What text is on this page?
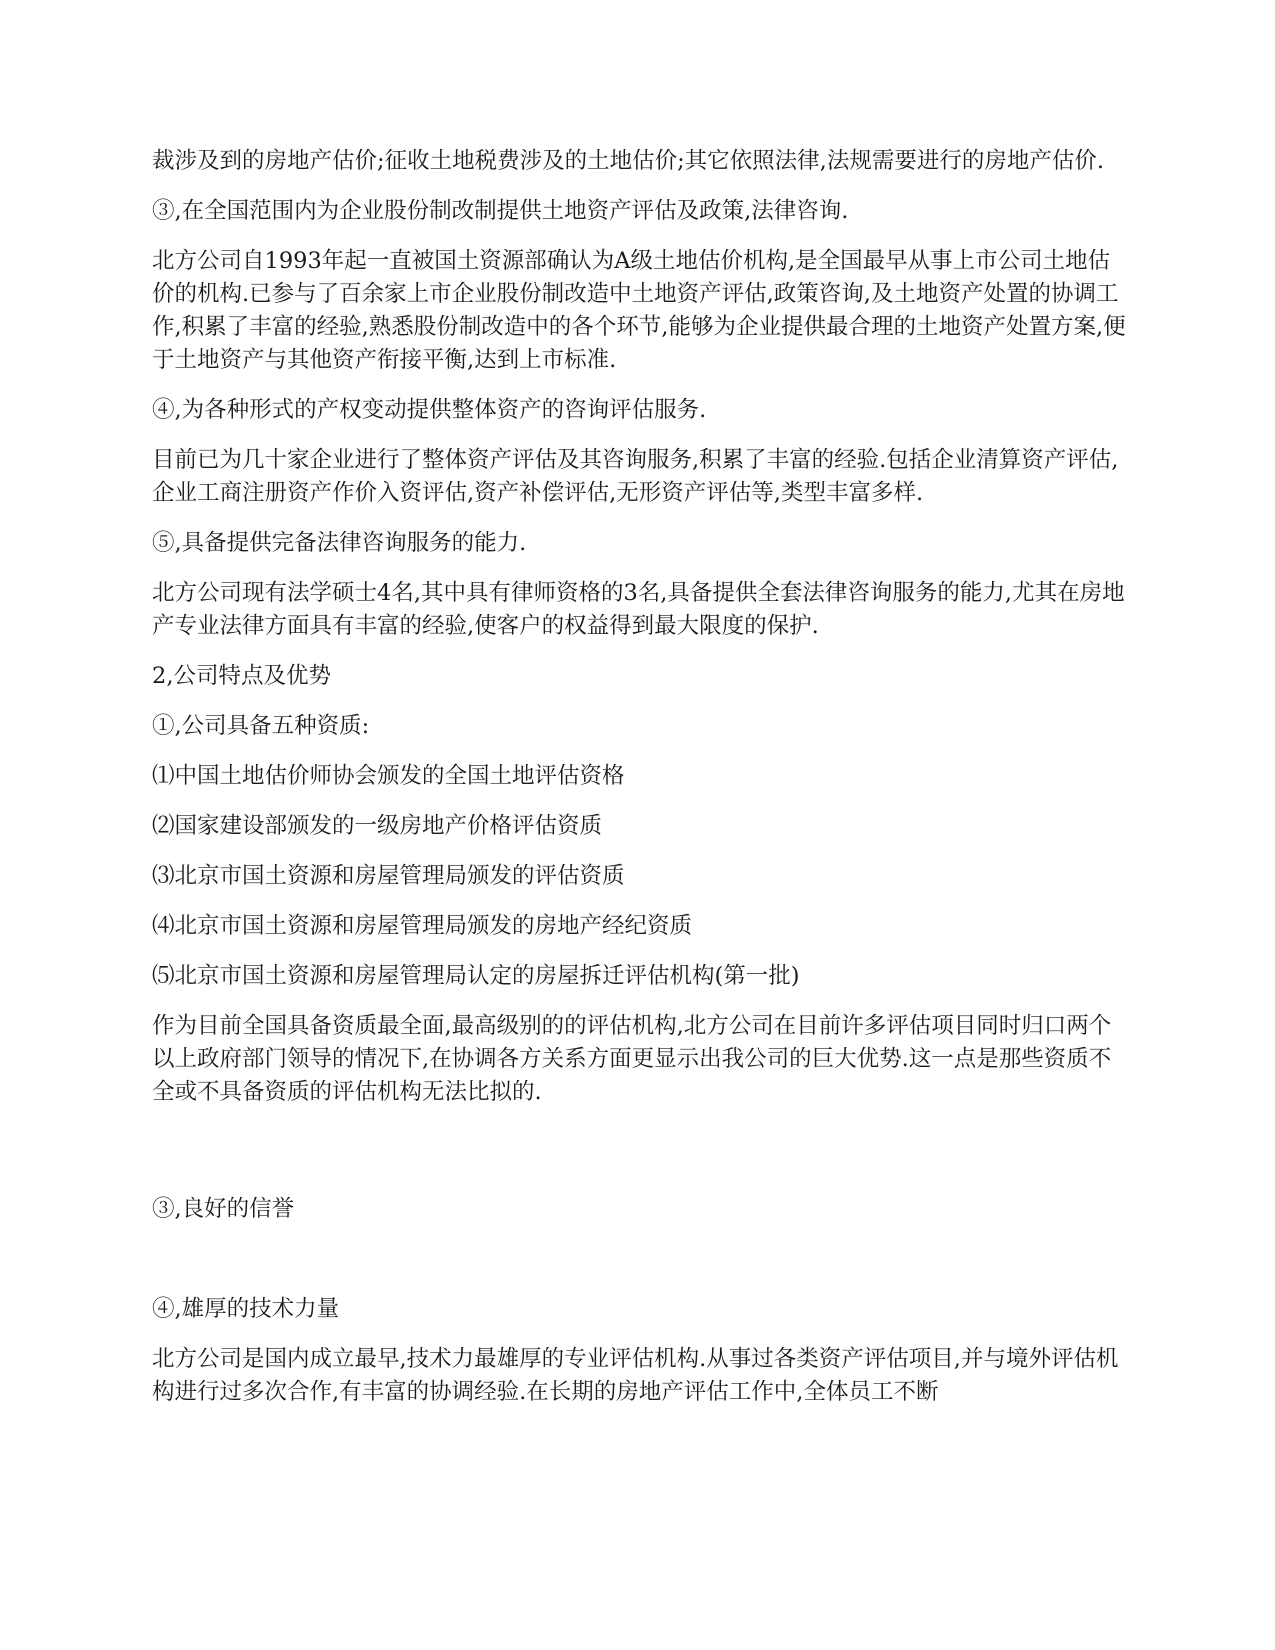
裁涉及到的房地产估价;征收土地税费涉及的土地估价;其它依照法律,法规需要进行的房地产估价.

③,在全国范围内为企业股份制改制提供土地资产评估及政策,法律咨询.

北方公司自1993年起一直被国土资源部确认为A级土地估价机构,是全国最早从事上市公司土地估价的机构.已参与了百余家上市企业股份制改造中土地资产评估,政策咨询,及土地资产处置的协调工作,积累了丰富的经验,熟悉股份制改造中的各个环节,能够为企业提供最合理的土地资产处置方案,便于土地资产与其他资产衔接平衡,达到上市标准.

④,为各种形式的产权变动提供整体资产的咨询评估服务.

目前已为几十家企业进行了整体资产评估及其咨询服务,积累了丰富的经验.包括企业清算资产评估,企业工商注册资产作价入资评估,资产补偿评估,无形资产评估等,类型丰富多样.

⑤,具备提供完备法律咨询服务的能力.

北方公司现有法学硕士4名,其中具有律师资格的3名,具备提供全套法律咨询服务的能力,尤其在房地产专业法律方面具有丰富的经验,使客户的权益得到最大限度的保护.

2,公司特点及优势

①,公司具备五种资质:

⑴中国土地估价师协会颁发的全国土地评估资格

⑵国家建设部颁发的一级房地产价格评估资质

⑶北京市国土资源和房屋管理局颁发的评估资质

⑷北京市国土资源和房屋管理局颁发的房地产经纪资质

⑸北京市国土资源和房屋管理局认定的房屋拆迁评估机构(第一批)

作为目前全国具备资质最全面,最高级别的的评估机构,北方公司在目前许多评估项目同时归口两个以上政府部门领导的情况下,在协调各方关系方面更显示出我公司的巨大优势.这一点是那些资质不全或不具备资质的评估机构无法比拟的.

③,良好的信誉

④,雄厚的技术力量

北方公司是国内成立最早,技术力最雄厚的专业评估机构.从事过各类资产评估项目,并与境外评估机构进行过多次合作,有丰富的协调经验.在长期的房地产评估工作中,全体员工不断
